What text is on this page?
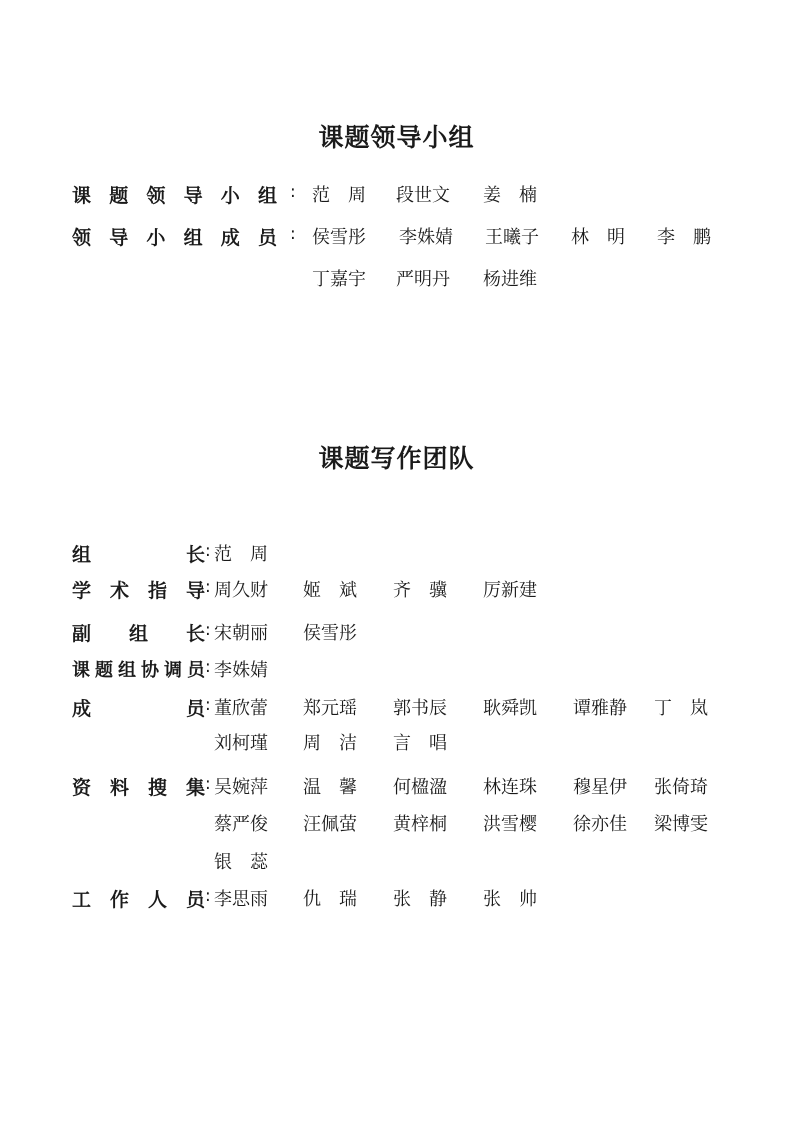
课题领导小组
课 题 领 导 小 组 : 范　周 段世文 姜　楠
领 导 小 组 成 员 : 侯雪彤 李姝婧 王曦子 林　明 李　鹏
丁嘉宇 严明丹 杨进维
课题写作团队
组　　　长 : 范　周
学 术 指 导 : 周久财 姬　斌 齐　骥 厉新建
副　组　长 : 宋朝丽 侯雪彤
课题组协调员 : 李姝婧
成　　　员 : 董欣蕾 郑元瑶 郭书辰 耿舜凯 谭雅静 丁　岚
刘柯瑾 周　洁 言　唱
资 料 搜 集 : 吴婉萍 温　馨 何楹溋 林连珠 穆星伊 张倚琦
蔡严俊 汪佩萤 黄梓桐 洪雪樱 徐亦佳 梁博雯
银　蕊
工 作 人 员 : 李思雨 仇　瑞 张　静 张　帅
